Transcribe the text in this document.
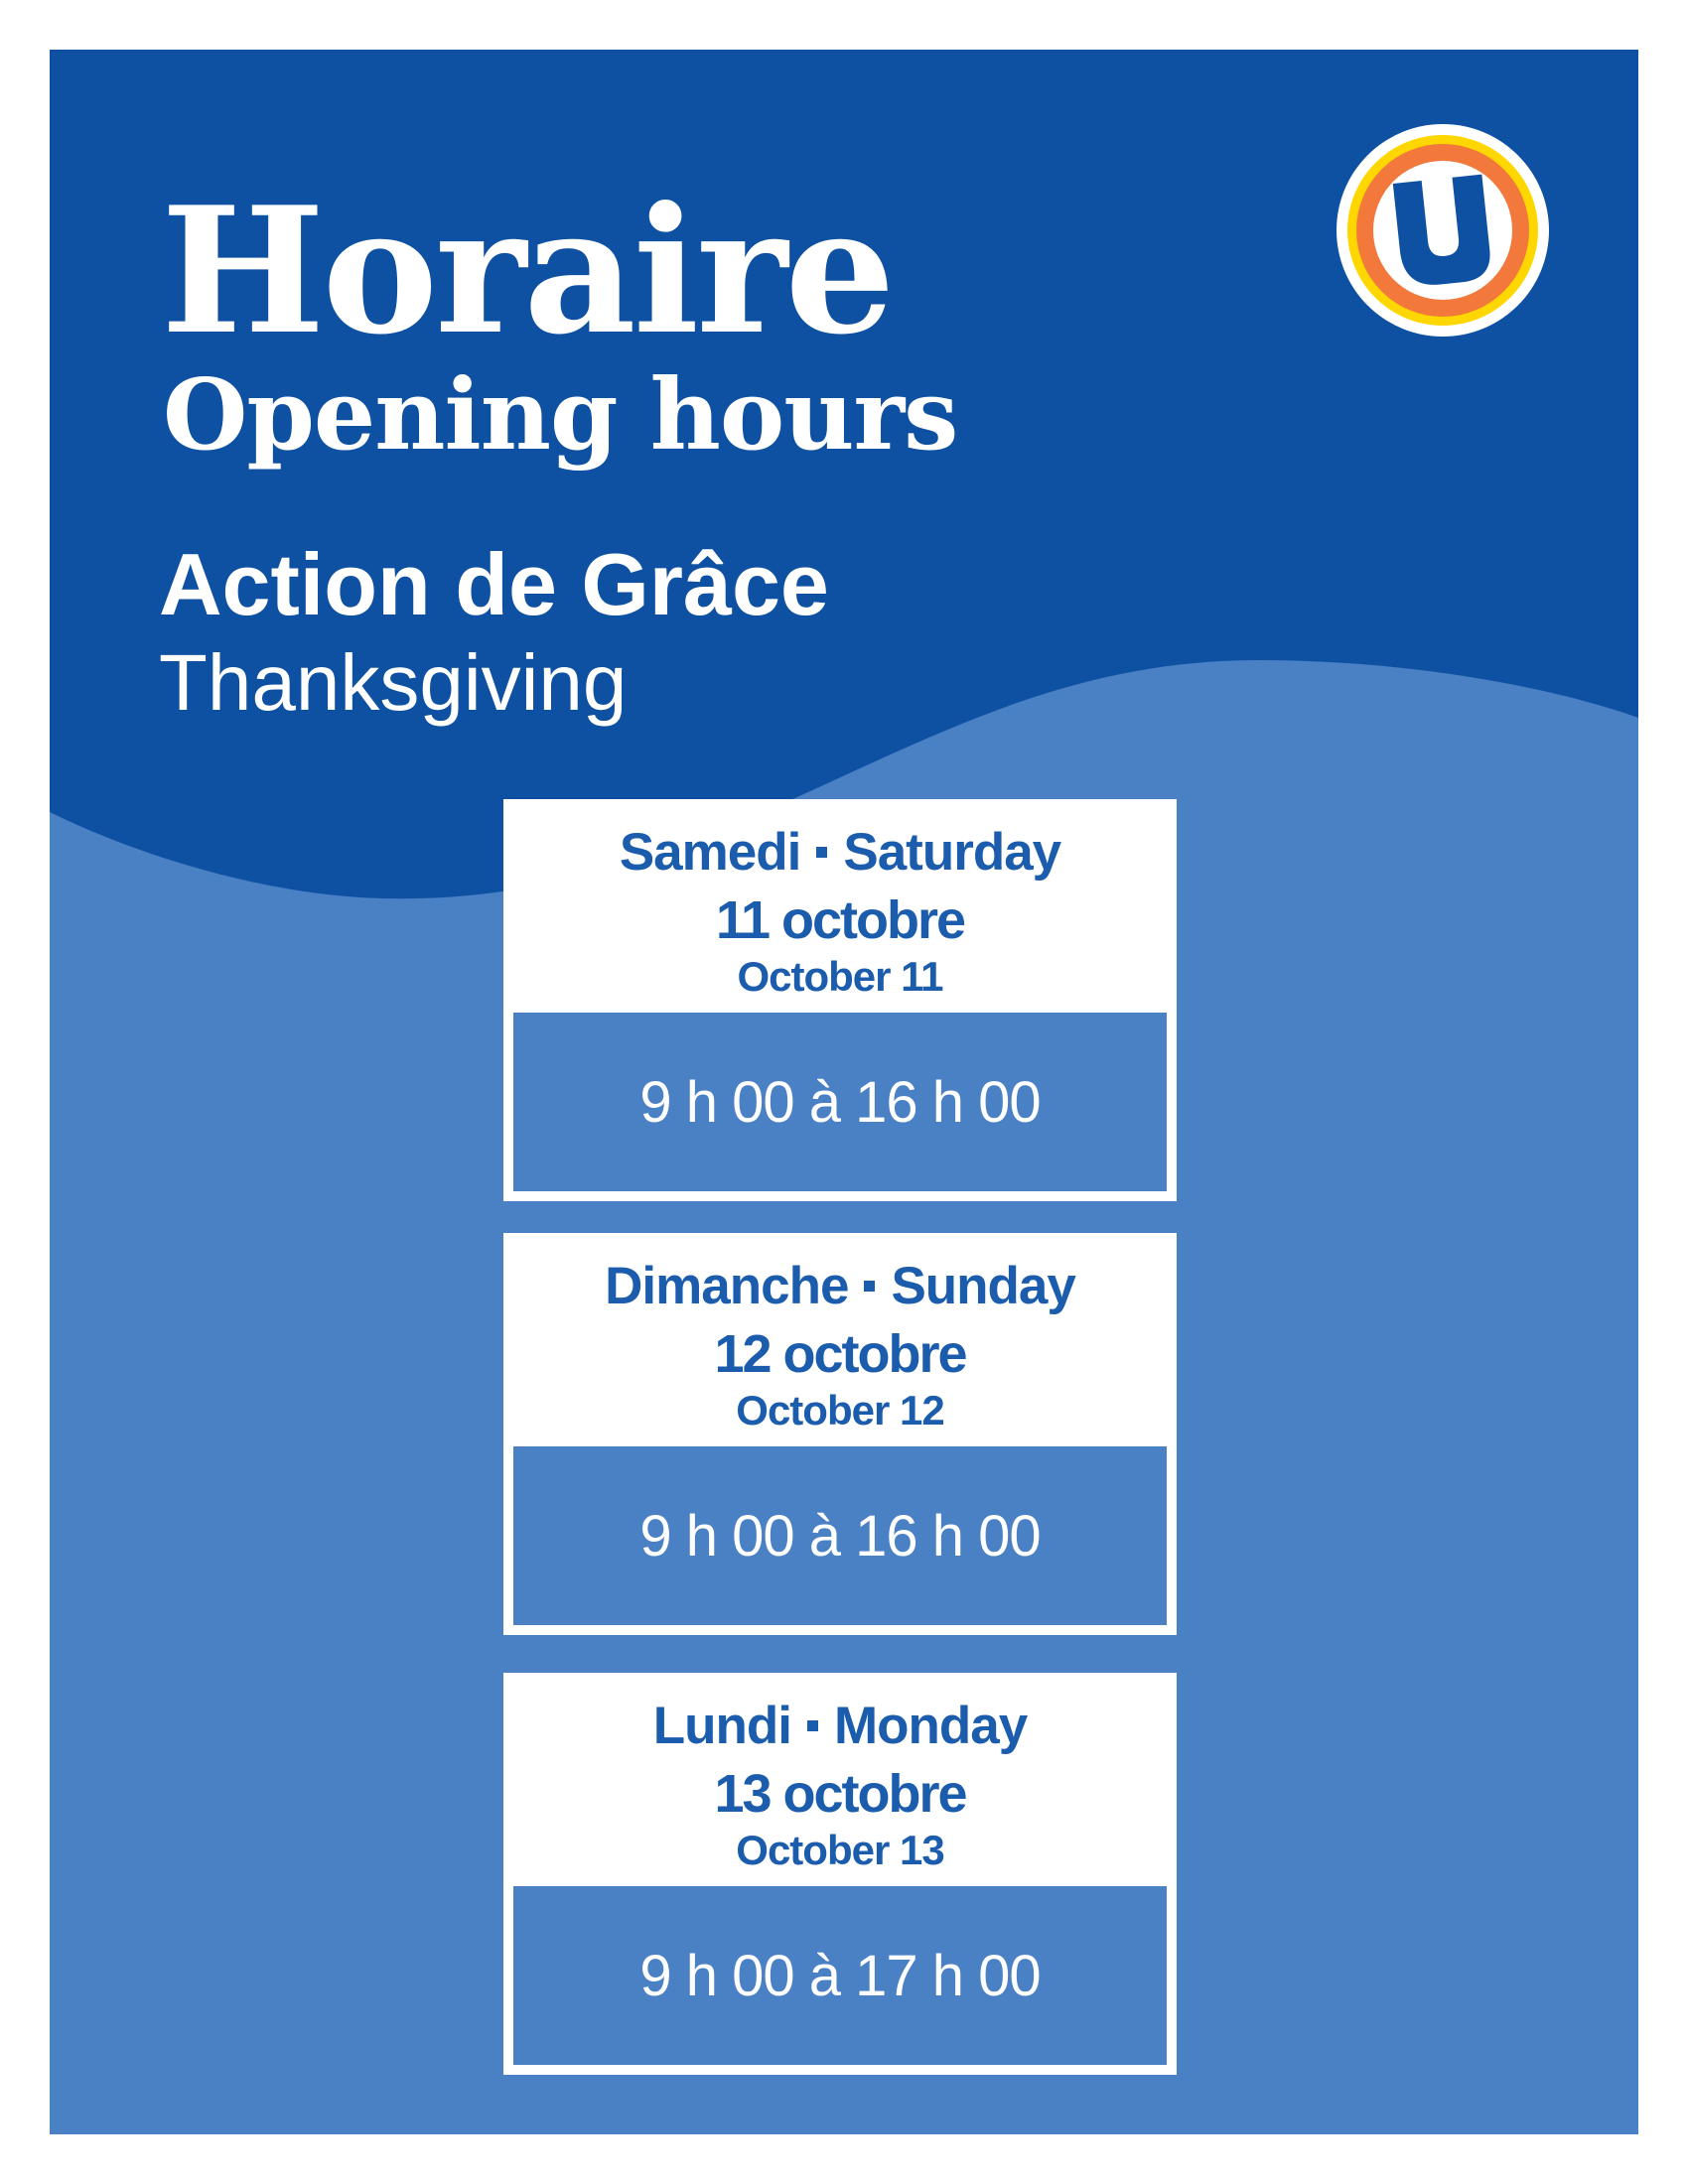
Horaire
Opening hours
Action de Grâce
Thanksgiving
Samedi Saturday
11 octobre
October 11
9 h 00 à 16 h 00
Dimanche Sunday
12 octobre
October 12
9 h 00 à 16 h 00
Lundi Monday
13 octobre
October 13
9 h 00 à 17 h 00
